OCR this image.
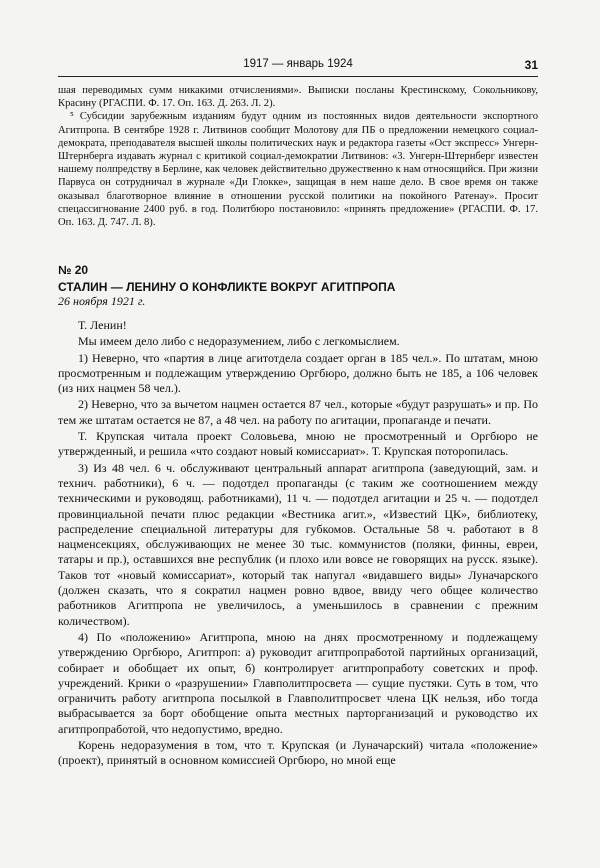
1917 — январь 1924	31

шая переводимых сумм никакими отчислениями». Выписки посланы Крестинскому, Сокольникову, Красину (РГАСПИ. Ф. 17. Оп. 163. Д. 263. Л. 2).

⁵ Субсидии зарубежным изданиям будут одним из постоянных видов деятельности экспортного Агитпропа. В сентябре 1928 г. Литвинов сообщит Молотову для ПБ о предложении немецкого социал-демократа, преподавателя высшей школы политических наук и редактора газеты «Ост экспресс» Унгерн-Штернберга издавать журнал с критикой социал-демократии Литвинов: «3. Унгерн-Штернберг известен нашему полпредству в Берлине, как человек действительно дружественно к нам относящийся. При жизни Парвуса он сотрудничал в журнале «Ди Глокке», защищая в нем наше дело. В свое время он также оказывал благотворное влияние в отношении русской политики на покойного Ратенау». Просит спецассигнование 2400 руб. в год. Политбюро постановило: «принять предложение» (РГАСПИ. Ф. 17. Оп. 163. Д. 747. Л. 8).

№ 20
СТАЛИН — ЛЕНИНУ О КОНФЛИКТЕ ВОКРУГ АГИТПРОПА
26 ноября 1921 г.

Т. Ленин!

Мы имеем дело либо с недоразумением, либо с легкомыслием.

1) Неверно, что «партия в лице агитотдела создает орган в 185 чел.». По штатам, мною просмотренным и подлежащим утверждению Оргбюро, должно быть не 185, а 106 человек (из них нацмен 58 чел.).

2) Неверно, что за вычетом нацмен остается 87 чел., которые «будут разрушать» и пр. По тем же штатам остается не 87, а 48 чел. на работу по агитации, пропаганде и печати.

Т. Крупская читала проект Соловьева, мною не просмотренный и Оргбюро не утвержденный, и решила «что создают новый комиссариат». Т. Крупская поторопилась.

3) Из 48 чел. 6 ч. обслуживают центральный аппарат агитпропа (заведующий, зам. и технич. работники), 6 ч. — подотдел пропаганды (с таким же соотношением между техническими и руководящ. работниками), 11 ч. — подотдел агитации и 25 ч. — подотдел провинциальной печати плюс редакции «Вестника агит.», «Известий ЦК», библиотеку, распределение специальной литературы для губкомов. Остальные 58 ч. работают в 8 нацменсекциях, обслуживающих не менее 30 тыс. коммунистов (поляки, финны, евреи, татары и пр.), оставшихся вне республик (и плохо или вовсе не говорящих на русск. языке). Таков тот «новый комиссариат», который так напугал «видавшего виды» Луначарского (должен сказать, что я сократил нацмен ровно вдвое, ввиду чего общее количество работников Агитпропа не увеличилось, а уменьшилось в сравнении с прежним количеством).

4) По «положению» Агитпропа, мною на днях просмотренному и подлежащему утверждению Оргбюро, Агитпроп: а) руководит агитпропработой партийных организаций, собирает и обобщает их опыт, б) контролирует агитпропработу советских и проф. учреждений. Крики о «разрушении» Главполитпросвета — сущие пустяки. Суть в том, что ограничить работу агитпропа посылкой в Главполитпросвет члена ЦК нельзя, ибо тогда выбрасывается за борт обобщение опыта местных парторганизаций и руководство их агитпропработой, что недопустимо, вредно.

Корень недоразумения в том, что т. Крупская (и Луначарский) читала «положение» (проект), принятый в основном комиссией Оргбюро, но мной еще
